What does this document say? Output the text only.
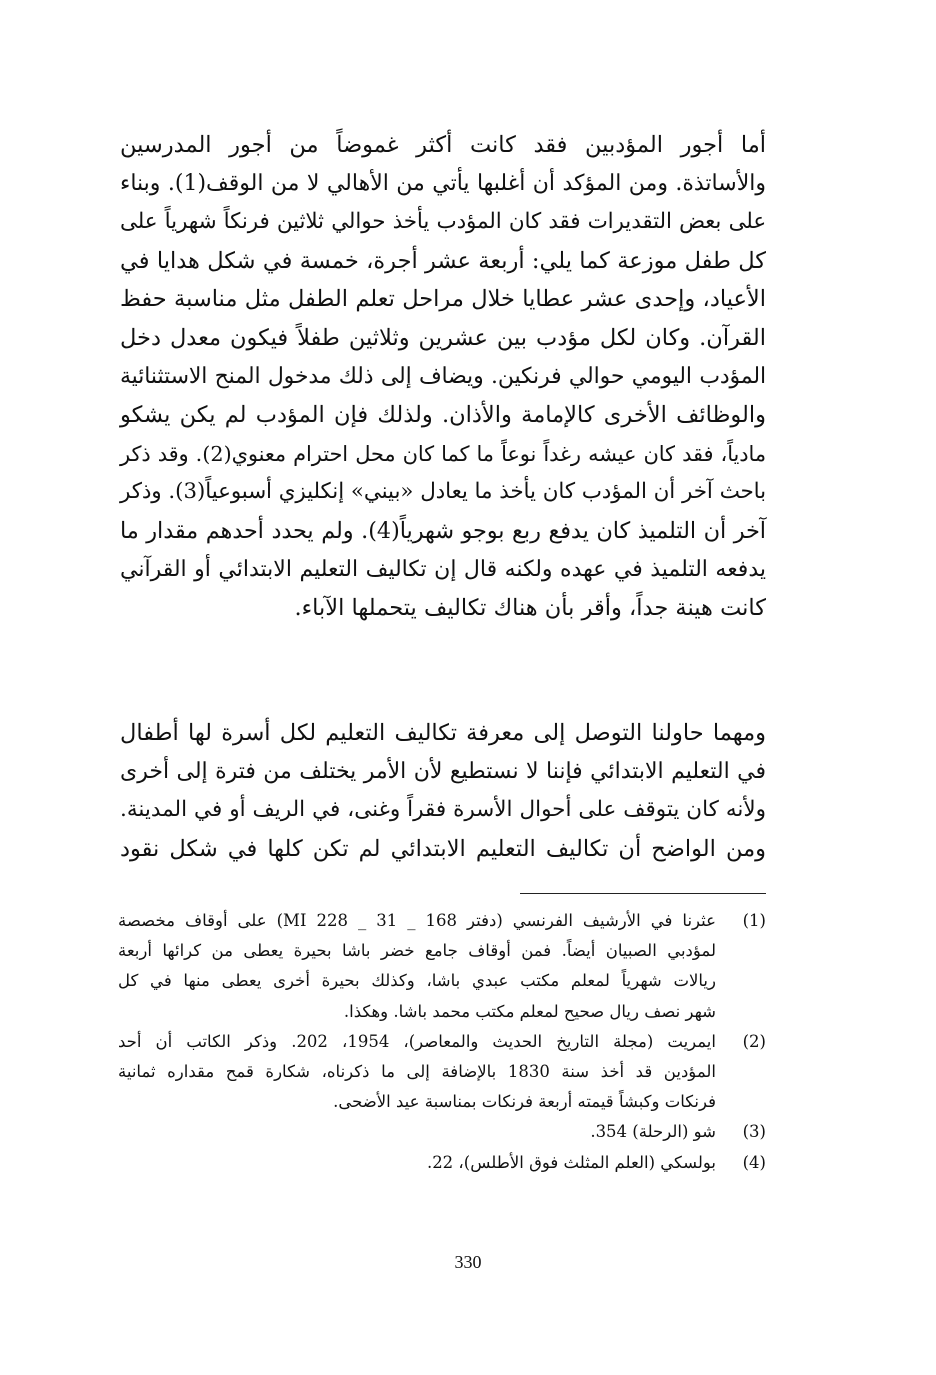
أما أجور المؤدبين فقد كانت أكثر غموضاً من أجور المدرسين
والأساتذة. ومن المؤكد أن أغلبها يأتي من الأهالي لا من الوقف(1). وبناء
على بعض التقديرات فقد كان المؤدب يأخذ حوالي ثلاثين فرنكاً شهرياً على
كل طفل موزعة كما يلي: أربعة عشر أجرة، خمسة في شكل هدايا في
الأعياد، وإحدى عشر عطايا خلال مراحل تعلم الطفل مثل مناسبة حفظ
القرآن. وكان لكل مؤدب بين عشرين وثلاثين طفلاً فيكون معدل دخل
المؤدب اليومي حوالي فرنكين. ويضاف إلى ذلك مدخول المنح الاستثنائية
والوظائف الأخرى كالإمامة والأذان. ولذلك فإن المؤدب لم يكن يشكو
مادياً، فقد كان عيشه رغداً نوعاً ما كما كان محل احترام معنوي(2). وقد ذكر
باحث آخر أن المؤدب كان يأخذ ما يعادل «بيني» إنكليزي أسبوعياً(3). وذكر
آخر أن التلميذ كان يدفع ربع بوجو شهرياً(4). ولم يحدد أحدهم مقدار ما
يدفعه التلميذ في عهده ولكنه قال إن تكاليف التعليم الابتدائي أو القرآني
كانت هينة جداً، وأقر بأن هناك تكاليف يتحملها الآباء.
ومهما حاولنا التوصل إلى معرفة تكاليف التعليم لكل أسرة لها أطفال
في التعليم الابتدائي فإننا لا نستطيع لأن الأمر يختلف من فترة إلى أخرى
ولأنه كان يتوقف على أحوال الأسرة فقراً وغنى، في الريف أو في المدينة.
ومن الواضح أن تكاليف التعليم الابتدائي لم تكن كلها في شكل نقود
(1)
عثرنا في الأرشيف الفرنسي (دفتر 168 _ 31 _ 228 MI) على أوقاف مخصصة
لمؤدبي الصبيان أيضاً. فمن أوقاف جامع خضر باشا بحيرة يعطى من كرائها أربعة
ريالات شهرياً لمعلم مكتب عبدي باشا، وكذلك بحيرة أخرى يعطى منها في كل
شهر نصف ريال صحيح لمعلم مكتب محمد باشا. وهكذا.
(2)
ايمريت (مجلة التاريخ الحديث والمعاصر)، 1954، 202. وذكر الكاتب أن أحد
المؤدين قد أخذ سنة 1830 بالإضافة إلى ما ذكرناه، شكارة قمح مقداره ثمانية
فرنكات وكبشاً قيمته أربعة فرنكات بمناسبة عيد الأضحى.
(3)
شو (الرحلة) 354.
(4)
بولسكي (العلم المثلث فوق الأطلس)، 22.
330
